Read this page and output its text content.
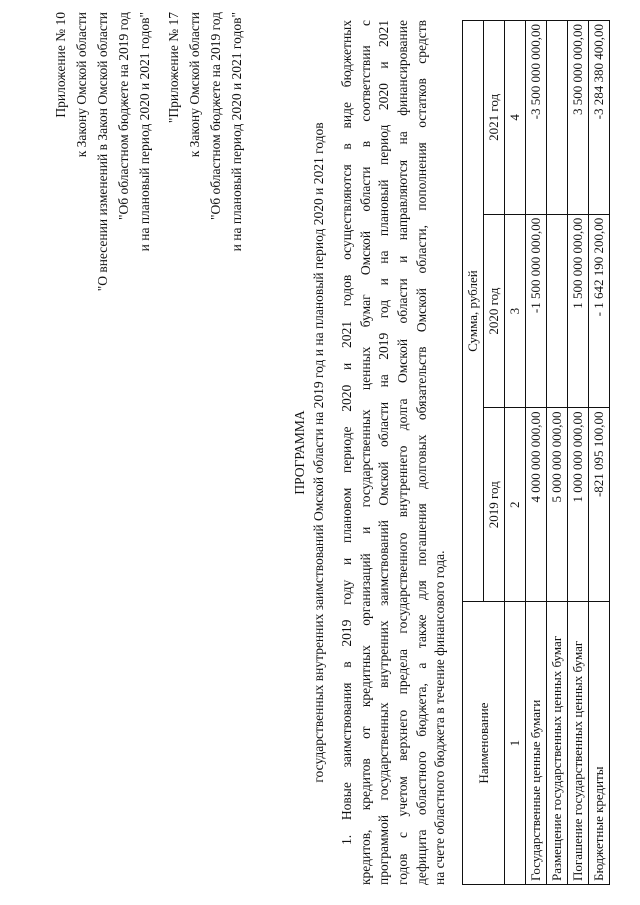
Приложение № 10 к Закону Омской области "О внесении изменений в Закон Омской области "Об областном бюджете на 2019 год и на плановый период 2020 и 2021 годов" "Приложение № 17 к Закону Омской области "Об областном бюджете на 2019 год и на плановый период 2020 и 2021 годов"
ПРОГРАММА государственных внутренних заимствований Омской области на 2019 год и на плановый период 2020 и 2021 годов 1. Новые заимствования в 2019 году и плановом периоде 2020 и 2021 годов осуществляются в виде бюджетных кредитов, кредитов от кредитных организаций и государственных ценных бумаг Омской области в соответствии с программой государственных внутренних заимствований Омской области на 2019 год и на плановый период 2020 и 2021 годов с учетом верхнего предела государственного внутреннего долга Омской области и направляются на финансирование дефицита областного бюджета, а также для погашения долговых обязательств Омской области, пополнения остатков средств на счете областного бюджета в течение финансового года. Наименование	Сумма, рублей		
	2019 год	2020 год	2021 год
1	2	3	4
Государственные ценные бумаги	4 000 000 000,00	-1 500 000 000,00	-3 500 000 000,00
Размещение государственных ценных бумаг	5 000 000 000,00		
Погашение государственных ценных бумаг	1 000 000 000,00	1 500 000 000,00	3 500 000 000,00
Бюджетные кредиты	-821 095 100,00	- 1 642 190 200,00	-3 284 380 400,00
